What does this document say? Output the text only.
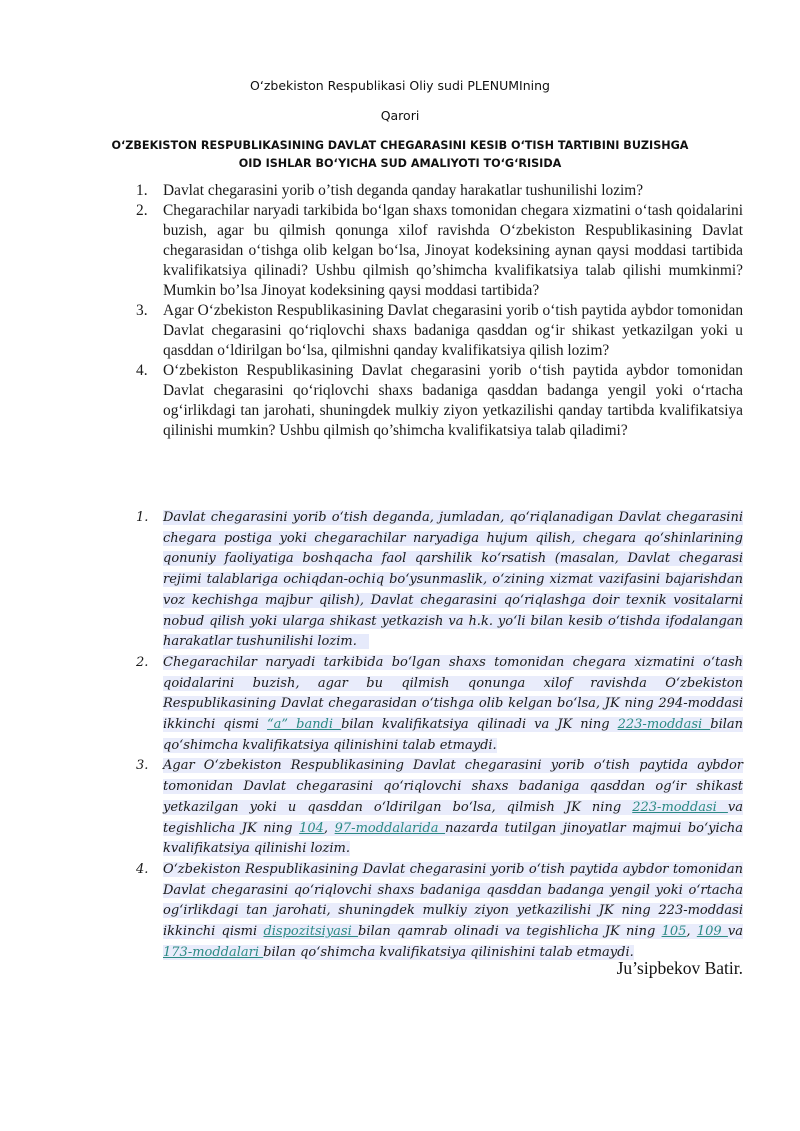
O‘zbekiston Respublikasi Oliy sudi PLENUMIning
Qarori
O‘ZBEKISTON RESPUBLIKASINING DAVLAT CHEGARASINI KESIB O‘TISH TARTIBINI BUZISHGA OID ISHLAR BO‘YICHA SUD AMALIYOTI TO‘G‘RISIDA
1. Davlat chegarasini yorib o’tish deganda qanday harakatlar tushunilishi lozim?
2. Chegarachilar naryadi tarkibida bo‘lgan shaxs tomonidan chegara xizmatini o‘tash qoidalarini buzish, agar bu qilmish qonunga xilof ravishda O‘zbekiston Respublikasining Davlat chegarasidan o‘tishga olib kelgan bo‘lsa, Jinoyat kodeksining aynan qaysi moddasi tartibida kvalifikatsiya qilinadi? Ushbu qilmish qo’shimcha kvalifikatsiya talab qilishi mumkinmi? Mumkin bo’lsa Jinoyat kodeksining qaysi moddasi tartibida?
3. Agar O‘zbekiston Respublikasining Davlat chegarasini yorib o‘tish paytida aybdor tomonidan Davlat chegarasini qo‘riqlovchi shaxs badaniga qasddan og‘ir shikast yetkazilgan yoki u qasddan o‘ldirilgan bo‘lsa, qilmishni qanday kvalifikatsiya qilish lozim?
4. O‘zbekiston Respublikasining Davlat chegarasini yorib o‘tish paytida aybdor tomonidan Davlat chegarasini qo‘riqlovchi shaxs badaniga qasddan badanga yengil yoki o‘rtacha og‘irlikdagi tan jarohati, shuningdek mulkiy ziyon yetkazilishi qanday tartibda kvalifikatsiya qilinishi mumkin? Ushbu qilmish qo’shimcha kvalifikatsiya talab qiladimi?
1. Davlat chegarasini yorib o‘tish deganda, jumladan, qo‘riqlanadigan Davlat chegarasini chegara postiga yoki chegarachilar naryadiga hujum qilish, chegara qo‘shinlarining qonuniy faoliyatiga boshqacha faol qarshilik ko‘rsatish (masalan, Davlat chegarasi rejimi talablariga ochiqdan-ochiq bo‘ysunmaslik, o‘zining xizmat vazifasini bajarishdan voz kechishga majbur qilish), Davlat chegarasini qo‘riqlashga doir texnik vositalarni nobud qilish yoki ularga shikast yetkazish va h.k. yo‘li bilan kesib o‘tishda ifodalangan harakatlar tushunilishi lozim.
2. Chegarachilar naryadi tarkibida bo‘lgan shaxs tomonidan chegara xizmatini o‘tash qoidalarini buzish, agar bu qilmish qonunga xilof ravishda O‘zbekiston Respublikasining Davlat chegarasidan o‘tishga olib kelgan bo‘lsa, JK ning 294-moddasi ikkinchi qismi “a” bandi bilan kvalifikatsiya qilinadi va JK ning 223-moddasi bilan qo‘shimcha kvalifikatsiya qilinishini talab etmaydi.
3. Agar O‘zbekiston Respublikasining Davlat chegarasini yorib o‘tish paytida aybdor tomonidan Davlat chegarasini qo‘riqlovchi shaxs badaniga qasddan og‘ir shikast yetkazilgan yoki u qasddan o‘ldirilgan bo‘lsa, qilmish JK ning 223-moddasi va tegishlicha JK ning 104, 97-moddalarida nazarda tutilgan jinoyatlar majmui bo‘yicha kvalifikatsiya qilinishi lozim.
4. O‘zbekiston Respublikasining Davlat chegarasini yorib o‘tish paytida aybdor tomonidan Davlat chegarasini qo‘riqlovchi shaxs badaniga qasddan badanga yengil yoki o‘rtacha og‘irlikdagi tan jarohati, shuningdek mulkiy ziyon yetkazilishi JK ning 223-moddasi ikkinchi qismi dispozitsiyasi bilan qamrab olinadi va tegishlicha JK ning 105, 109 va 173-moddalari bilan qo‘shimcha kvalifikatsiya qilinishini talab etmaydi.
Ju’sipbekov Batir.
